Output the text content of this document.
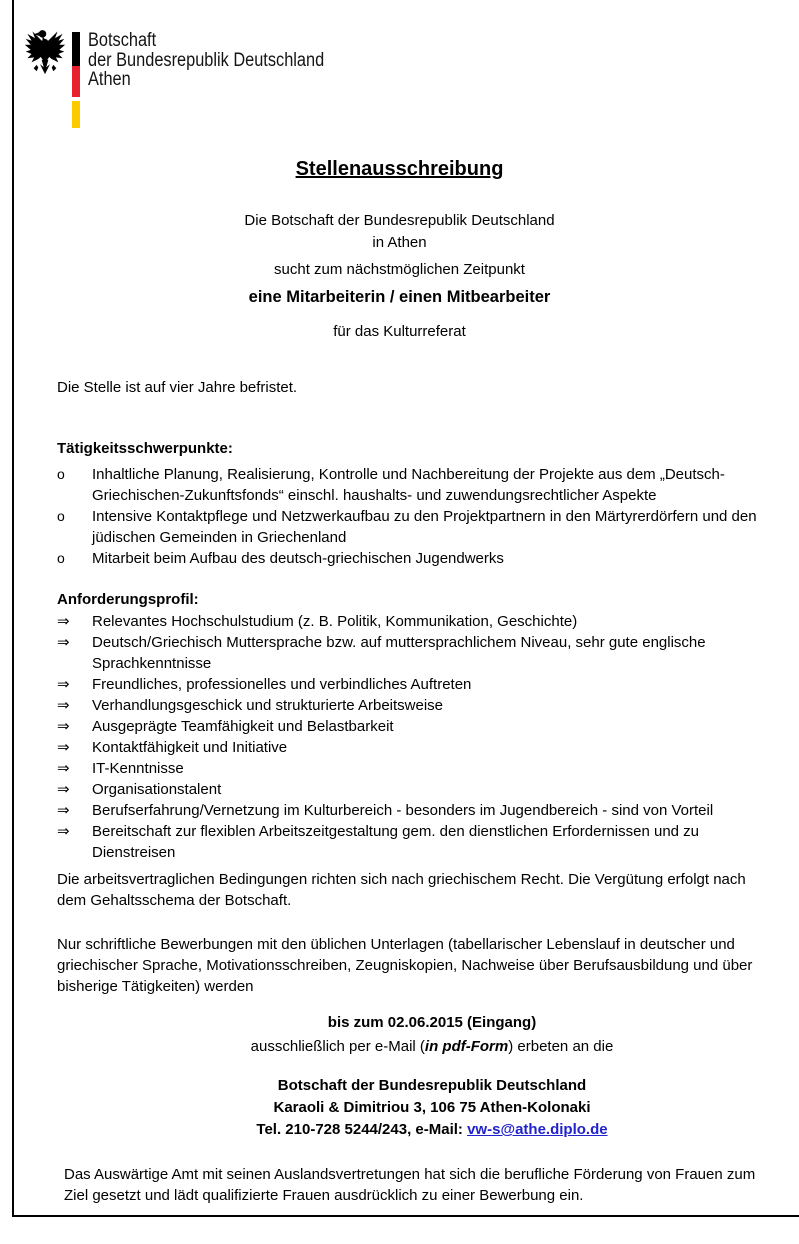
Botschaft
der Bundesrepublik Deutschland
Athen
Stellenausschreibung
Die Botschaft der Bundesrepublik Deutschland
in Athen
sucht zum nächstmöglichen Zeitpunkt
eine Mitarbeiterin / einen Mitbearbeiter
für das Kulturreferat
Die Stelle ist auf vier Jahre befristet.
Tätigkeitsschwerpunkte:
o	Inhaltliche Planung, Realisierung, Kontrolle und Nachbereitung der Projekte aus dem „Deutsch-Griechischen-Zukunftsfonds“ einschl. haushalts- und zuwendungsrechtlicher Aspekte
o	Intensive Kontaktpflege und Netzwerkaufbau zu den Projektpartnern in den Märtyrerdörfern und den jüdischen Gemeinden in Griechenland
o	Mitarbeit beim Aufbau des deutsch-griechischen Jugendwerks
Anforderungsprofil:
⇒	Relevantes Hochschulstudium (z. B. Politik, Kommunikation, Geschichte)
⇒	Deutsch/Griechisch Muttersprache bzw. auf muttersprachlichem Niveau, sehr gute englische Sprachkenntnisse
⇒	Freundliches, professionelles und verbindliches Auftreten
⇒	Verhandlungsgeschick und strukturierte Arbeitsweise
⇒	Ausgeprägte Teamfähigkeit und Belastbarkeit
⇒	Kontaktfähigkeit und Initiative
⇒	IT-Kenntnisse
⇒	Organisationstalent
⇒	Berufserfahrung/Vernetzung im Kulturbereich - besonders im Jugendbereich - sind von Vorteil
⇒	Bereitschaft zur flexiblen Arbeitszeitgestaltung gem. den dienstlichen Erfordernissen und zu Dienstreisen
Die arbeitsvertraglichen Bedingungen richten sich nach griechischem Recht. Die Vergütung erfolgt nach dem Gehaltsschema der Botschaft.
Nur schriftliche Bewerbungen mit den üblichen Unterlagen (tabellarischer Lebenslauf in deutscher und griechischer Sprache, Motivationsschreiben, Zeugniskopien, Nachweise über Berufsausbildung und über bisherige Tätigkeiten) werden
bis zum 02.06.2015 (Eingang)
ausschließlich per e-Mail (in pdf-Form) erbeten an die
Botschaft der Bundesrepublik Deutschland
Karaoli & Dimitriou 3, 106 75 Athen-Kolonaki
Tel. 210-728 5244/243, e-Mail: vw-s@athe.diplo.de
Das Auswärtige Amt mit seinen Auslandsvertretungen hat sich die berufliche Förderung von Frauen zum Ziel gesetzt und lädt qualifizierte Frauen ausdrücklich zu einer Bewerbung ein.
